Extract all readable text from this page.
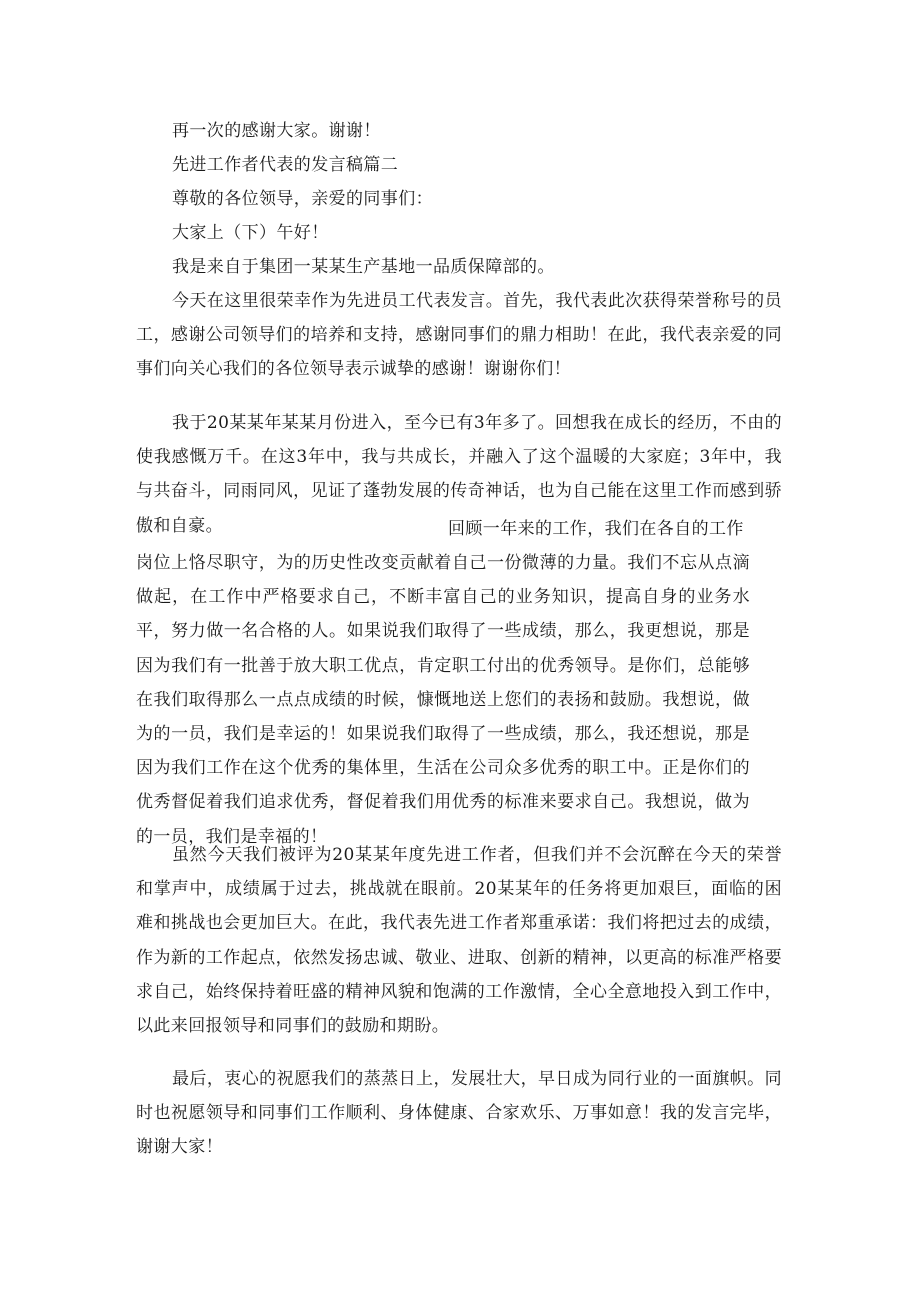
再一次的感谢大家。谢谢！

先进工作者代表的发言稿篇二

尊敬的各位领导，亲爱的同事们：

大家上（下）午好！

我是来自于集团一某某生产基地一品质保障部的。

今天在这里很荣幸作为先进员工代表发言。首先，我代表此次获得荣誉称号的员工，感谢公司领导们的培养和支持，感谢同事们的鼎力相助！在此，我代表亲爱的同事们向关心我们的各位领导表示诚挚的感谢！谢谢你们！

我于20某某年某某月份进入，至今已有3年多了。回想我在成长的经历，不由的使我感慨万千。在这3年中，我与共成长，并融入了这个温暖的大家庭；3年中，我与共奋斗，同雨同风，见证了蓬勃发展的传奇神话，也为自己能在这里工作而感到骄傲和自豪。	回顾一年来的工作，我们在各自的工作

岗位上恪尽职守，为的历史性改变贡献着自己一份微薄的力量。我们不忘从点滴做起，在工作中严格要求自己，不断丰富自己的业务知识，提高自身的业务水平，努力做一名合格的人。如果说我们取得了一些成绩，那么，我更想说，那是因为我们有一批善于放大职工优点，肯定职工付出的优秀领导。是你们，总能够在我们取得那么一点点成绩的时候，慷慨地送上您们的表扬和鼓励。我想说，做为的一员，我们是幸运的！如果说我们取得了一些成绩，那么，我还想说，那是因为我们工作在这个优秀的集体里，生活在公司众多优秀的职工中。正是你们的优秀督促着我们追求优秀，督促着我们用优秀的标准来要求自己。我想说，做为的一员，我们是幸福的！

虽然今天我们被评为20某某年度先进工作者，但我们并不会沉醉在今天的荣誉和掌声中，成绩属于过去，挑战就在眼前。20某某年的任务将更加艰巨，面临的困难和挑战也会更加巨大。在此，我代表先进工作者郑重承诺：我们将把过去的成绩，作为新的工作起点，依然发扬忠诚、敬业、进取、创新的精神，以更高的标准严格要求自己，始终保持着旺盛的精神风貌和饱满的工作激情，全心全意地投入到工作中，以此来回报领导和同事们的鼓励和期盼。

最后，衷心的祝愿我们的蒸蒸日上，发展壮大，早日成为同行业的一面旗帜。同时也祝愿领导和同事们工作顺利、身体健康、合家欢乐、万事如意！我的发言完毕，谢谢大家！
